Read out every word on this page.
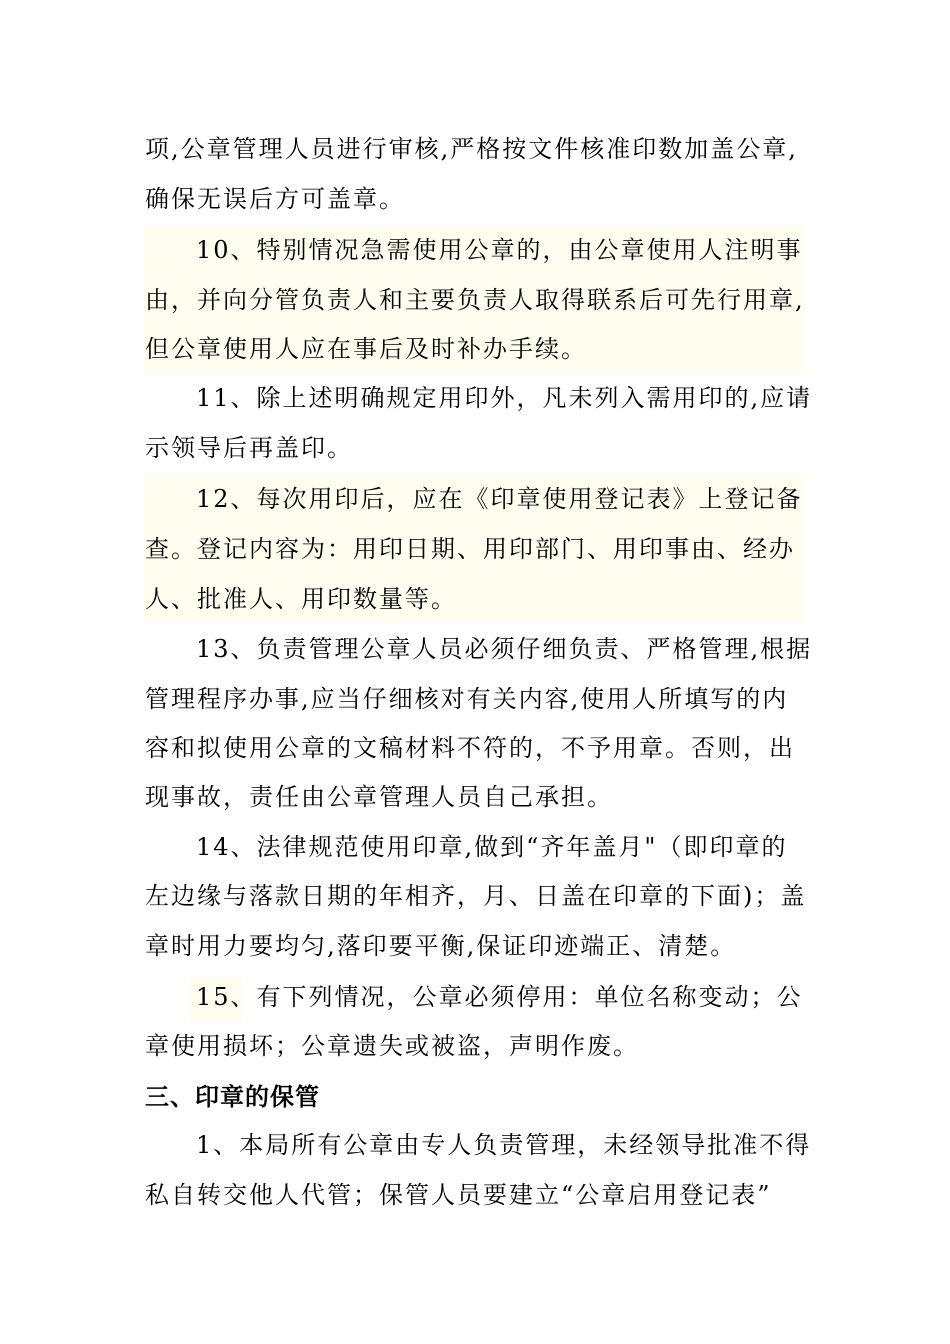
项,公章管理人员进行审核,严格按文件核准印数加盖公章,
确保无误后方可盖章。
10、特别情况急需使用公章的，由公章使用人注明事
由，并向分管负责人和主要负责人取得联系后可先行用章,
但公章使用人应在事后及时补办手续。
11、除上述明确规定用印外，凡未列入需用印的,应请
示领导后再盖印。
12、每次用印后，应在《印章使用登记表》上登记备
查。登记内容为：用印日期、用印部门、用印事由、经办
人、批准人、用印数量等。
13、负责管理公章人员必须仔细负责、严格管理,根据
管理程序办事,应当仔细核对有关内容,使用人所填写的内
容和拟使用公章的文稿材料不符的，不予用章。否则，出
现事故，责任由公章管理人员自己承担。
14、法律规范使用印章,做到“齐年盖月"（即印章的
左边缘与落款日期的年相齐，月、日盖在印章的下面)；盖
章时用力要均匀,落印要平衡,保证印迹端正、清楚。
15、有下列情况，公章必须停用：单位名称变动；公
章使用损坏；公章遗失或被盗，声明作废。
三、印章的保管
1、本局所有公章由专人负责管理，未经领导批准不得
私自转交他人代管；保管人员要建立“公章启用登记表”
